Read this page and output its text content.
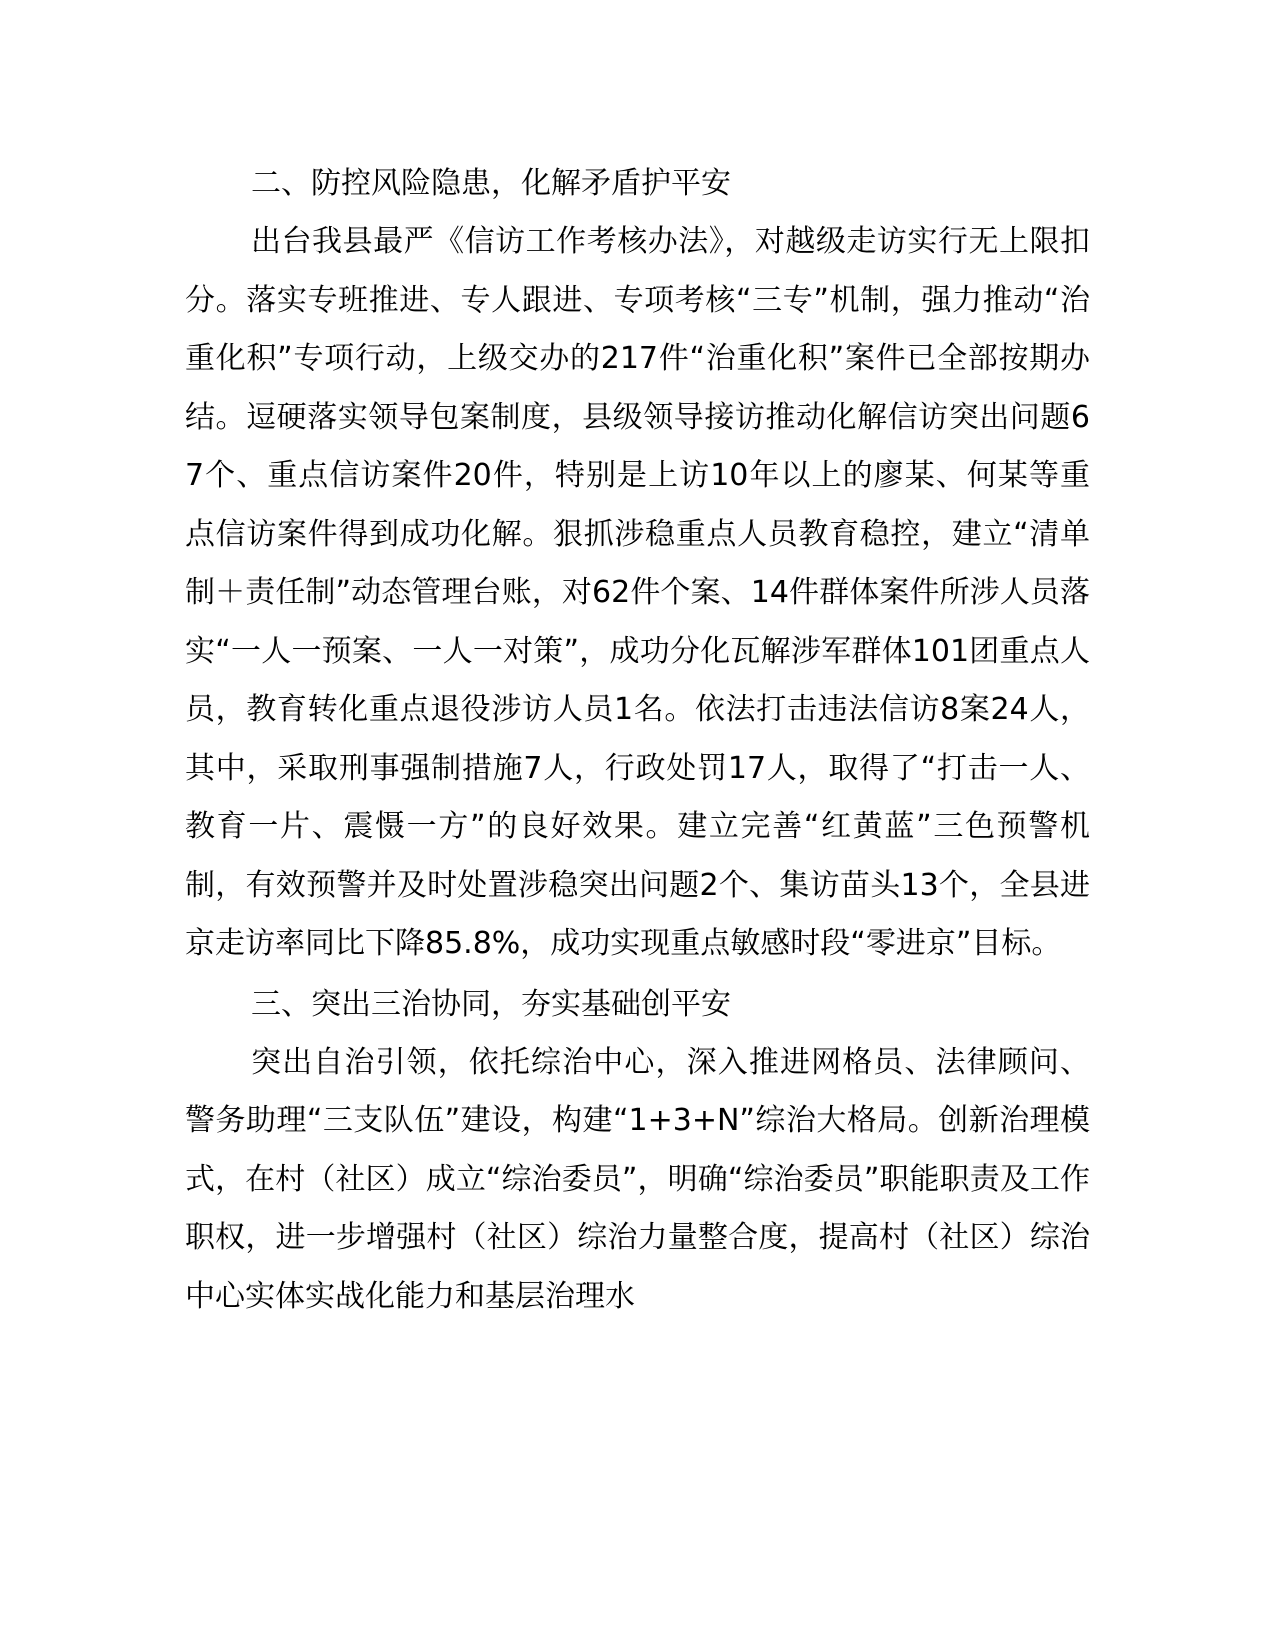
二、防控风险隐患，化解矛盾护平安

出台我县最严《信访工作考核办法》，对越级走访实行无上限扣分。落实专班推进、专人跟进、专项考核“三专”机制，强力推动“治重化积”专项行动，上级交办的217件“治重化积”案件已全部按期办结。逗硬落实领导包案制度，县级领导接访推动化解信访突出问题67个、重点信访案件20件，特别是上访10年以上的廖某、何某等重点信访案件得到成功化解。狠抓涉稳重点人员教育稳控，建立“清单制＋责任制”动态管理台账，对62件个案、14件群体案件所涉人员落实“一人一预案、一人一对策”，成功分化瓦解涉军群体101团重点人员，教育转化重点退役涉访人员1名。依法打击违法信访8案24人，其中，采取刑事强制措施7人，行政处罚17人，取得了“打击一人、教育一片、震慑一方”的良好效果。建立完善“红黄蓝”三色预警机制，有效预警并及时处置涉稳突出问题2个、集访苗头13个，全县进京走访率同比下降85.8%，成功实现重点敏感时段“零进京”目标。

三、突出三治协同，夯实基础创平安

突出自治引领，依托综治中心，深入推进网格员、法律顾问、警务助理“三支队伍”建设，构建“1+3+N”综治大格局。创新治理模式，在村（社区）成立“综治委员”，明确“综治委员”职能职责及工作职权，进一步增强村（社区）综治力量整合度，提高村（社区）综治中心实体实战化能力和基层治理水
